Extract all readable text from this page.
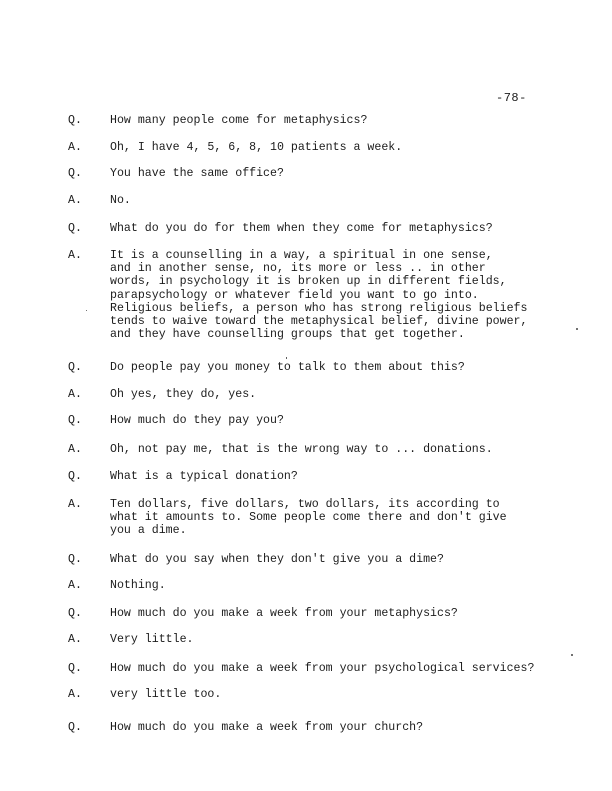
-78-
Q.	How many people come for metaphysics?
A.	Oh, I have 4, 5, 6, 8, 10 patients a week.
Q.	You have the same office?
A.	No.
Q.	What do you do for them when they come for metaphysics?
A.	It is a counselling in a way, a spiritual in one sense,
and in another sense, no, its more or less .. in other
words, in psychology it is broken up in different fields,
parapsychology or whatever field you want to go into.
Religious beliefs, a person who has strong religious beliefs
tends to waive toward the metaphysical belief, divine power,
and they have counselling groups that get together.
Q.	Do people pay you money to talk to them about this?
A.	Oh yes, they do, yes.
Q.	How much do they pay you?
A.	Oh, not pay me, that is the wrong way to ... donations.
Q.	What is a typical donation?
A.	Ten dollars, five dollars, two dollars, its according to
what it amounts to. Some people come there and don't give
you a dime.
Q.	What do you say when they don't give you a dime?
A.	Nothing.
Q.	How much do you make a week from your metaphysics?
A.	Very little.
Q.	How much do you make a week from your psychological services?
A.	very little too.
Q.	How much do you make a week from your church?
